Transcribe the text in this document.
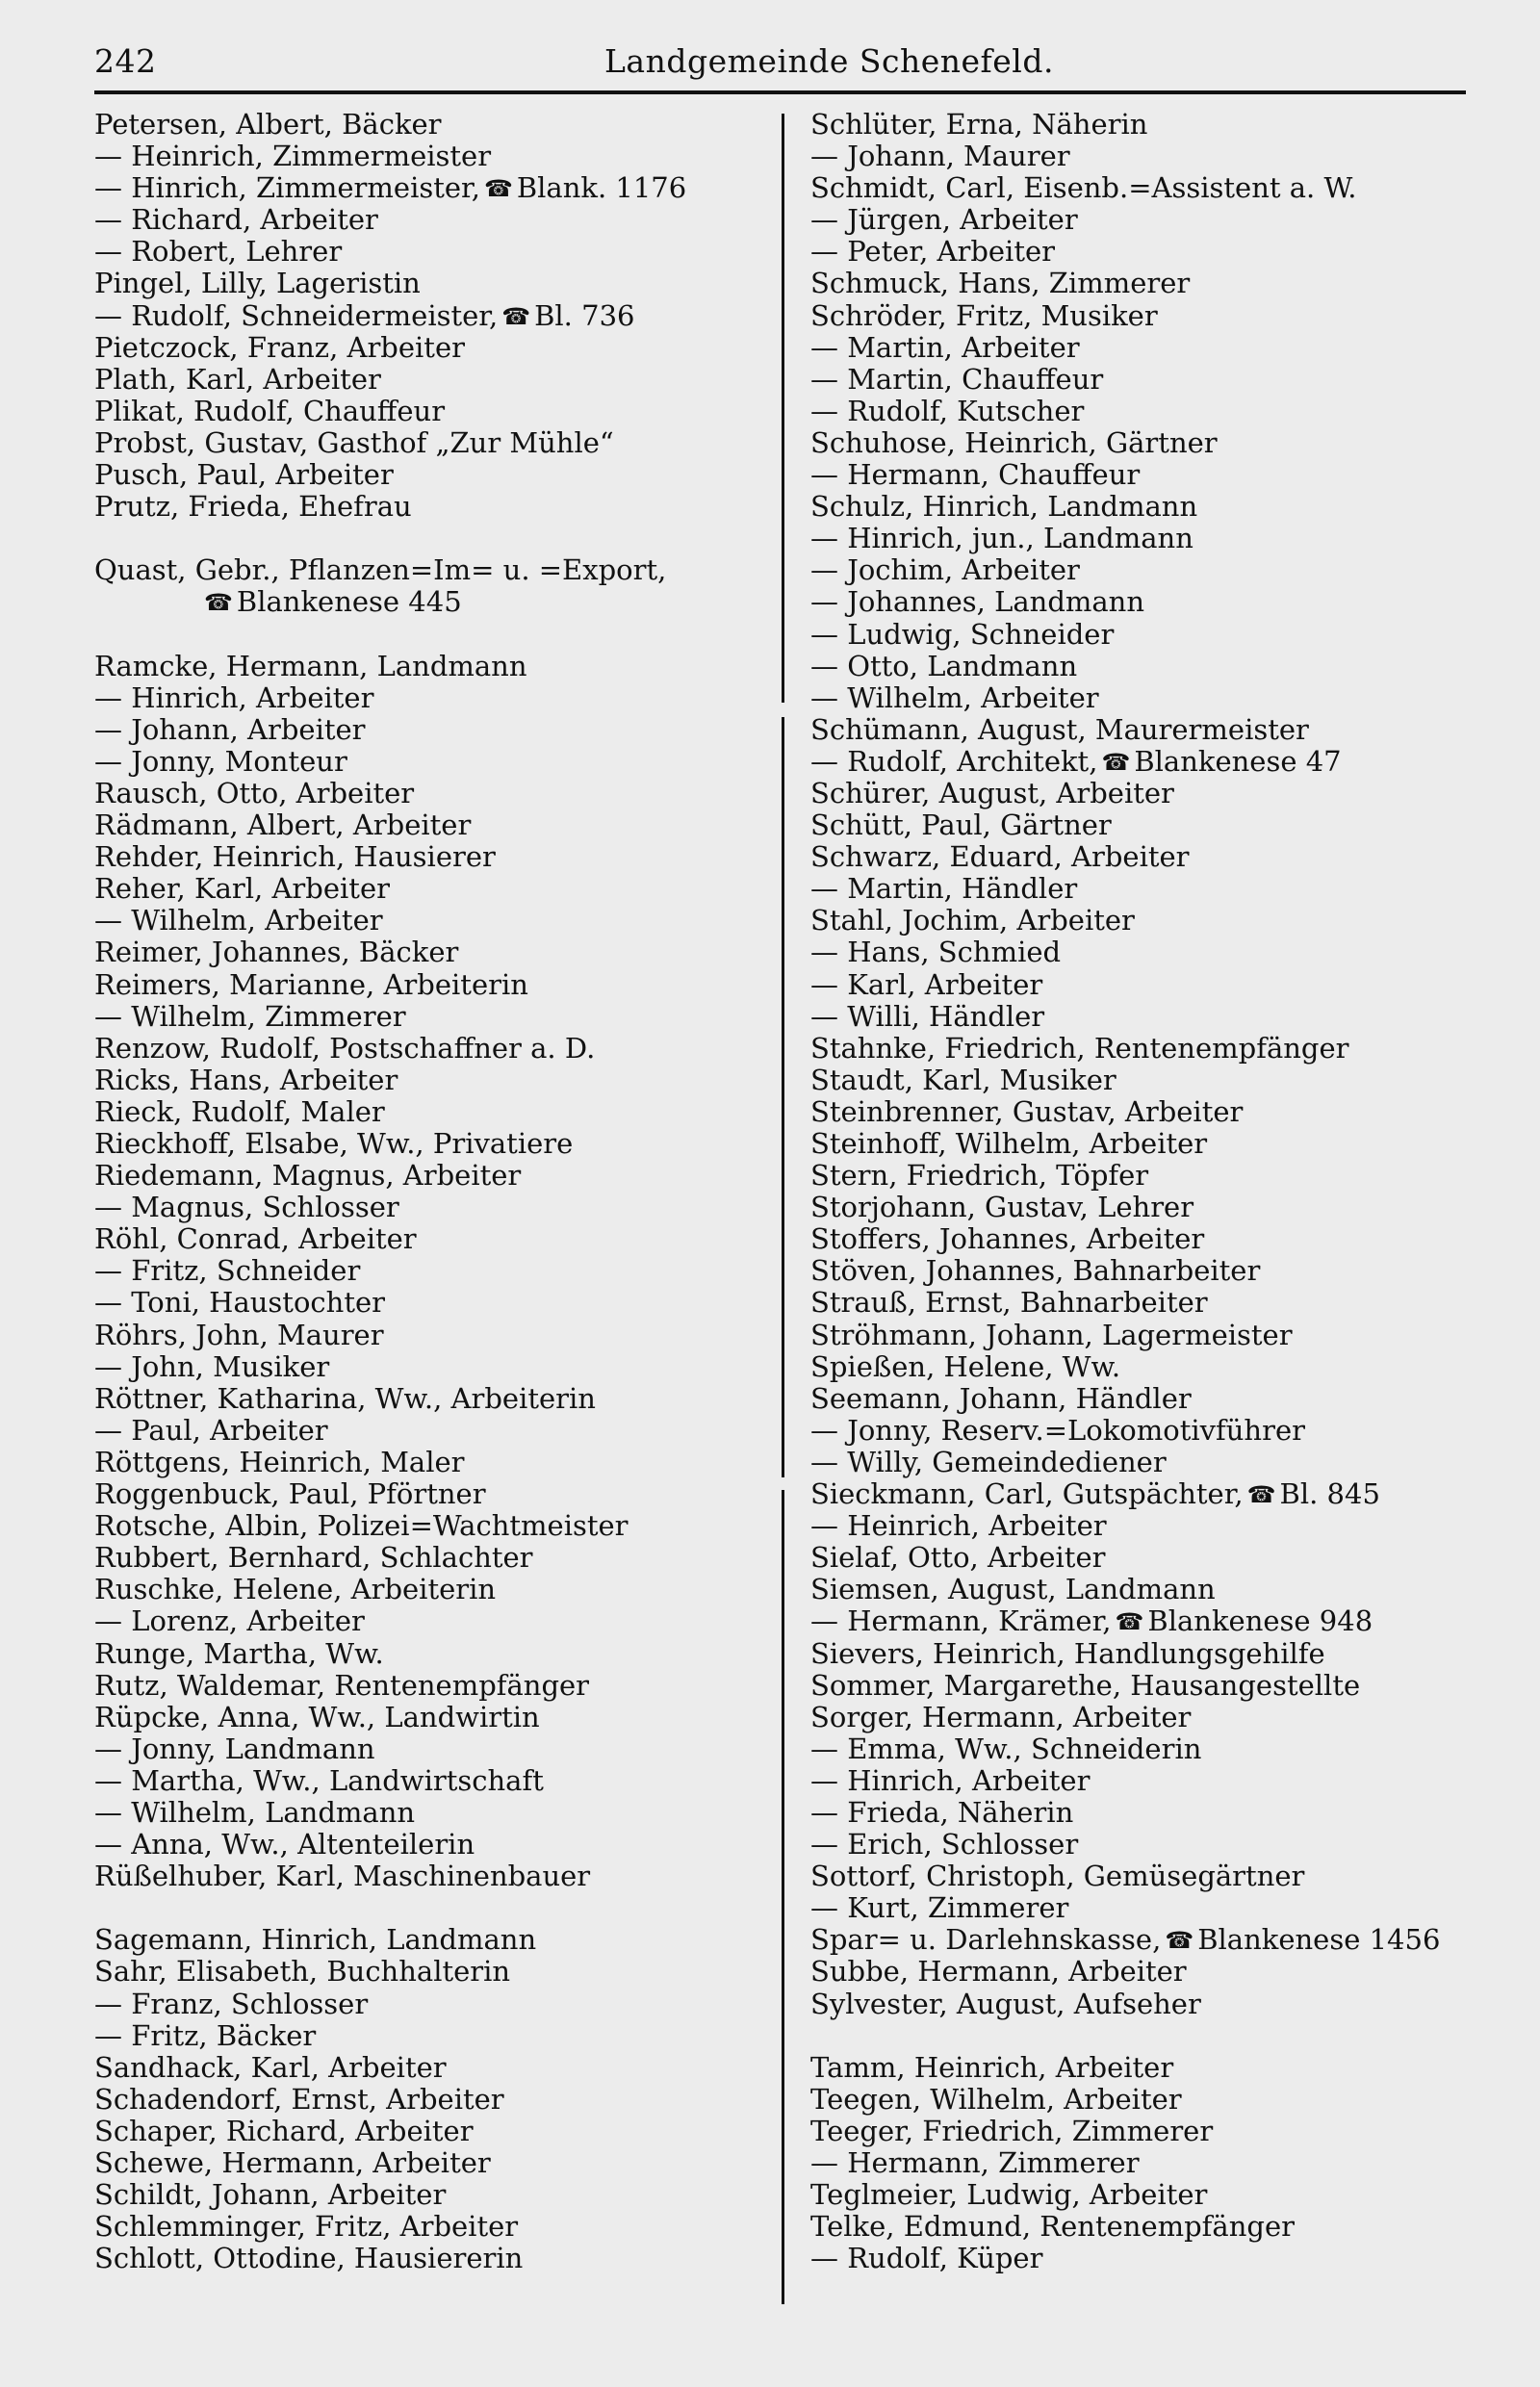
242	Landgemeinde Schenefeld.
Petersen, Albert, Bäcker
— Heinrich, Zimmermeister
— Hinrich, Zimmermeister, ☎ Blank. 1176
— Richard, Arbeiter
— Robert, Lehrer
Pingel, Lilly, Lageristin
— Rudolf, Schneidermeister, ☎ Bl. 736
Pietczock, Franz, Arbeiter
Plath, Karl, Arbeiter
Plikat, Rudolf, Chauffeur
Probst, Gustav, Gasthof „Zur Mühle“
Pusch, Paul, Arbeiter
Prutz, Frieda, Ehefrau
Quast, Gebr., Pflanzen=Im= u. =Export,
☎ Blankenese 445
Ramcke, Hermann, Landmann
— Hinrich, Arbeiter
— Johann, Arbeiter
— Jonny, Monteur
Rausch, Otto, Arbeiter
Rädmann, Albert, Arbeiter
Rehder, Heinrich, Hausierer
Reher, Karl, Arbeiter
— Wilhelm, Arbeiter
Reimer, Johannes, Bäcker
Reimers, Marianne, Arbeiterin
— Wilhelm, Zimmerer
Renzow, Rudolf, Postschaffner a. D.
Ricks, Hans, Arbeiter
Rieck, Rudolf, Maler
Rieckhoff, Elsabe, Ww., Privatiere
Riedemann, Magnus, Arbeiter
— Magnus, Schlosser
Röhl, Conrad, Arbeiter
— Fritz, Schneider
— Toni, Haustochter
Röhrs, John, Maurer
— John, Musiker
Röttner, Katharina, Ww., Arbeiterin
— Paul, Arbeiter
Röttgens, Heinrich, Maler
Roggenbuck, Paul, Pförtner
Rotsche, Albin, Polizei=Wachtmeister
Rubbert, Bernhard, Schlachter
Ruschke, Helene, Arbeiterin
— Lorenz, Arbeiter
Runge, Martha, Ww.
Rutz, Waldemar, Rentenempfänger
Rüpcke, Anna, Ww., Landwirtin
— Jonny, Landmann
— Martha, Ww., Landwirtschaft
— Wilhelm, Landmann
— Anna, Ww., Altenteilerin
Rüßelhuber, Karl, Maschinenbauer
Sagemann, Hinrich, Landmann
Sahr, Elisabeth, Buchhalterin
— Franz, Schlosser
— Fritz, Bäcker
Sandhack, Karl, Arbeiter
Schadendorf, Ernst, Arbeiter
Schaper, Richard, Arbeiter
Schewe, Hermann, Arbeiter
Schildt, Johann, Arbeiter
Schlemminger, Fritz, Arbeiter
Schlott, Ottodine, Hausiererin
Schlüter, Erna, Näherin
— Johann, Maurer
Schmidt, Carl, Eisenb.=Assistent a. W.
— Jürgen, Arbeiter
— Peter, Arbeiter
Schmuck, Hans, Zimmerer
Schröder, Fritz, Musiker
— Martin, Arbeiter
— Martin, Chauffeur
— Rudolf, Kutscher
Schuhose, Heinrich, Gärtner
— Hermann, Chauffeur
Schulz, Hinrich, Landmann
— Hinrich, jun., Landmann
— Jochim, Arbeiter
— Johannes, Landmann
— Ludwig, Schneider
— Otto, Landmann
— Wilhelm, Arbeiter
Schümann, August, Maurermeister
— Rudolf, Architekt, ☎ Blankenese 47
Schürer, August, Arbeiter
Schütt, Paul, Gärtner
Schwarz, Eduard, Arbeiter
— Martin, Händler
Stahl, Jochim, Arbeiter
— Hans, Schmied
— Karl, Arbeiter
— Willi, Händler
Stahnke, Friedrich, Rentenempfänger
Staudt, Karl, Musiker
Steinbrenner, Gustav, Arbeiter
Steinhoff, Wilhelm, Arbeiter
Stern, Friedrich, Töpfer
Storjohann, Gustav, Lehrer
Stoffers, Johannes, Arbeiter
Stöven, Johannes, Bahnarbeiter
Strauß, Ernst, Bahnarbeiter
Ströhmann, Johann, Lagermeister
Spießen, Helene, Ww.
Seemann, Johann, Händler
— Jonny, Reserv.=Lokomotivführer
— Willy, Gemeindediener
Sieckmann, Carl, Gutspächter, ☎ Bl. 845
— Heinrich, Arbeiter
Sielaf, Otto, Arbeiter
Siemsen, August, Landmann
— Hermann, Krämer, ☎ Blankenese 948
Sievers, Heinrich, Handlungsgehilfe
Sommer, Margarethe, Hausangestellte
Sorger, Hermann, Arbeiter
— Emma, Ww., Schneiderin
— Hinrich, Arbeiter
— Frieda, Näherin
— Erich, Schlosser
Sottorf, Christoph, Gemüsegärtner
— Kurt, Zimmerer
Spar= u. Darlehnskasse, ☎ Blankenese 1456
Subbe, Hermann, Arbeiter
Sylvester, August, Aufseher
Tamm, Heinrich, Arbeiter
Teegen, Wilhelm, Arbeiter
Teeger, Friedrich, Zimmerer
— Hermann, Zimmerer
Teglmeier, Ludwig, Arbeiter
Telke, Edmund, Rentenempfänger
— Rudolf, Küper
